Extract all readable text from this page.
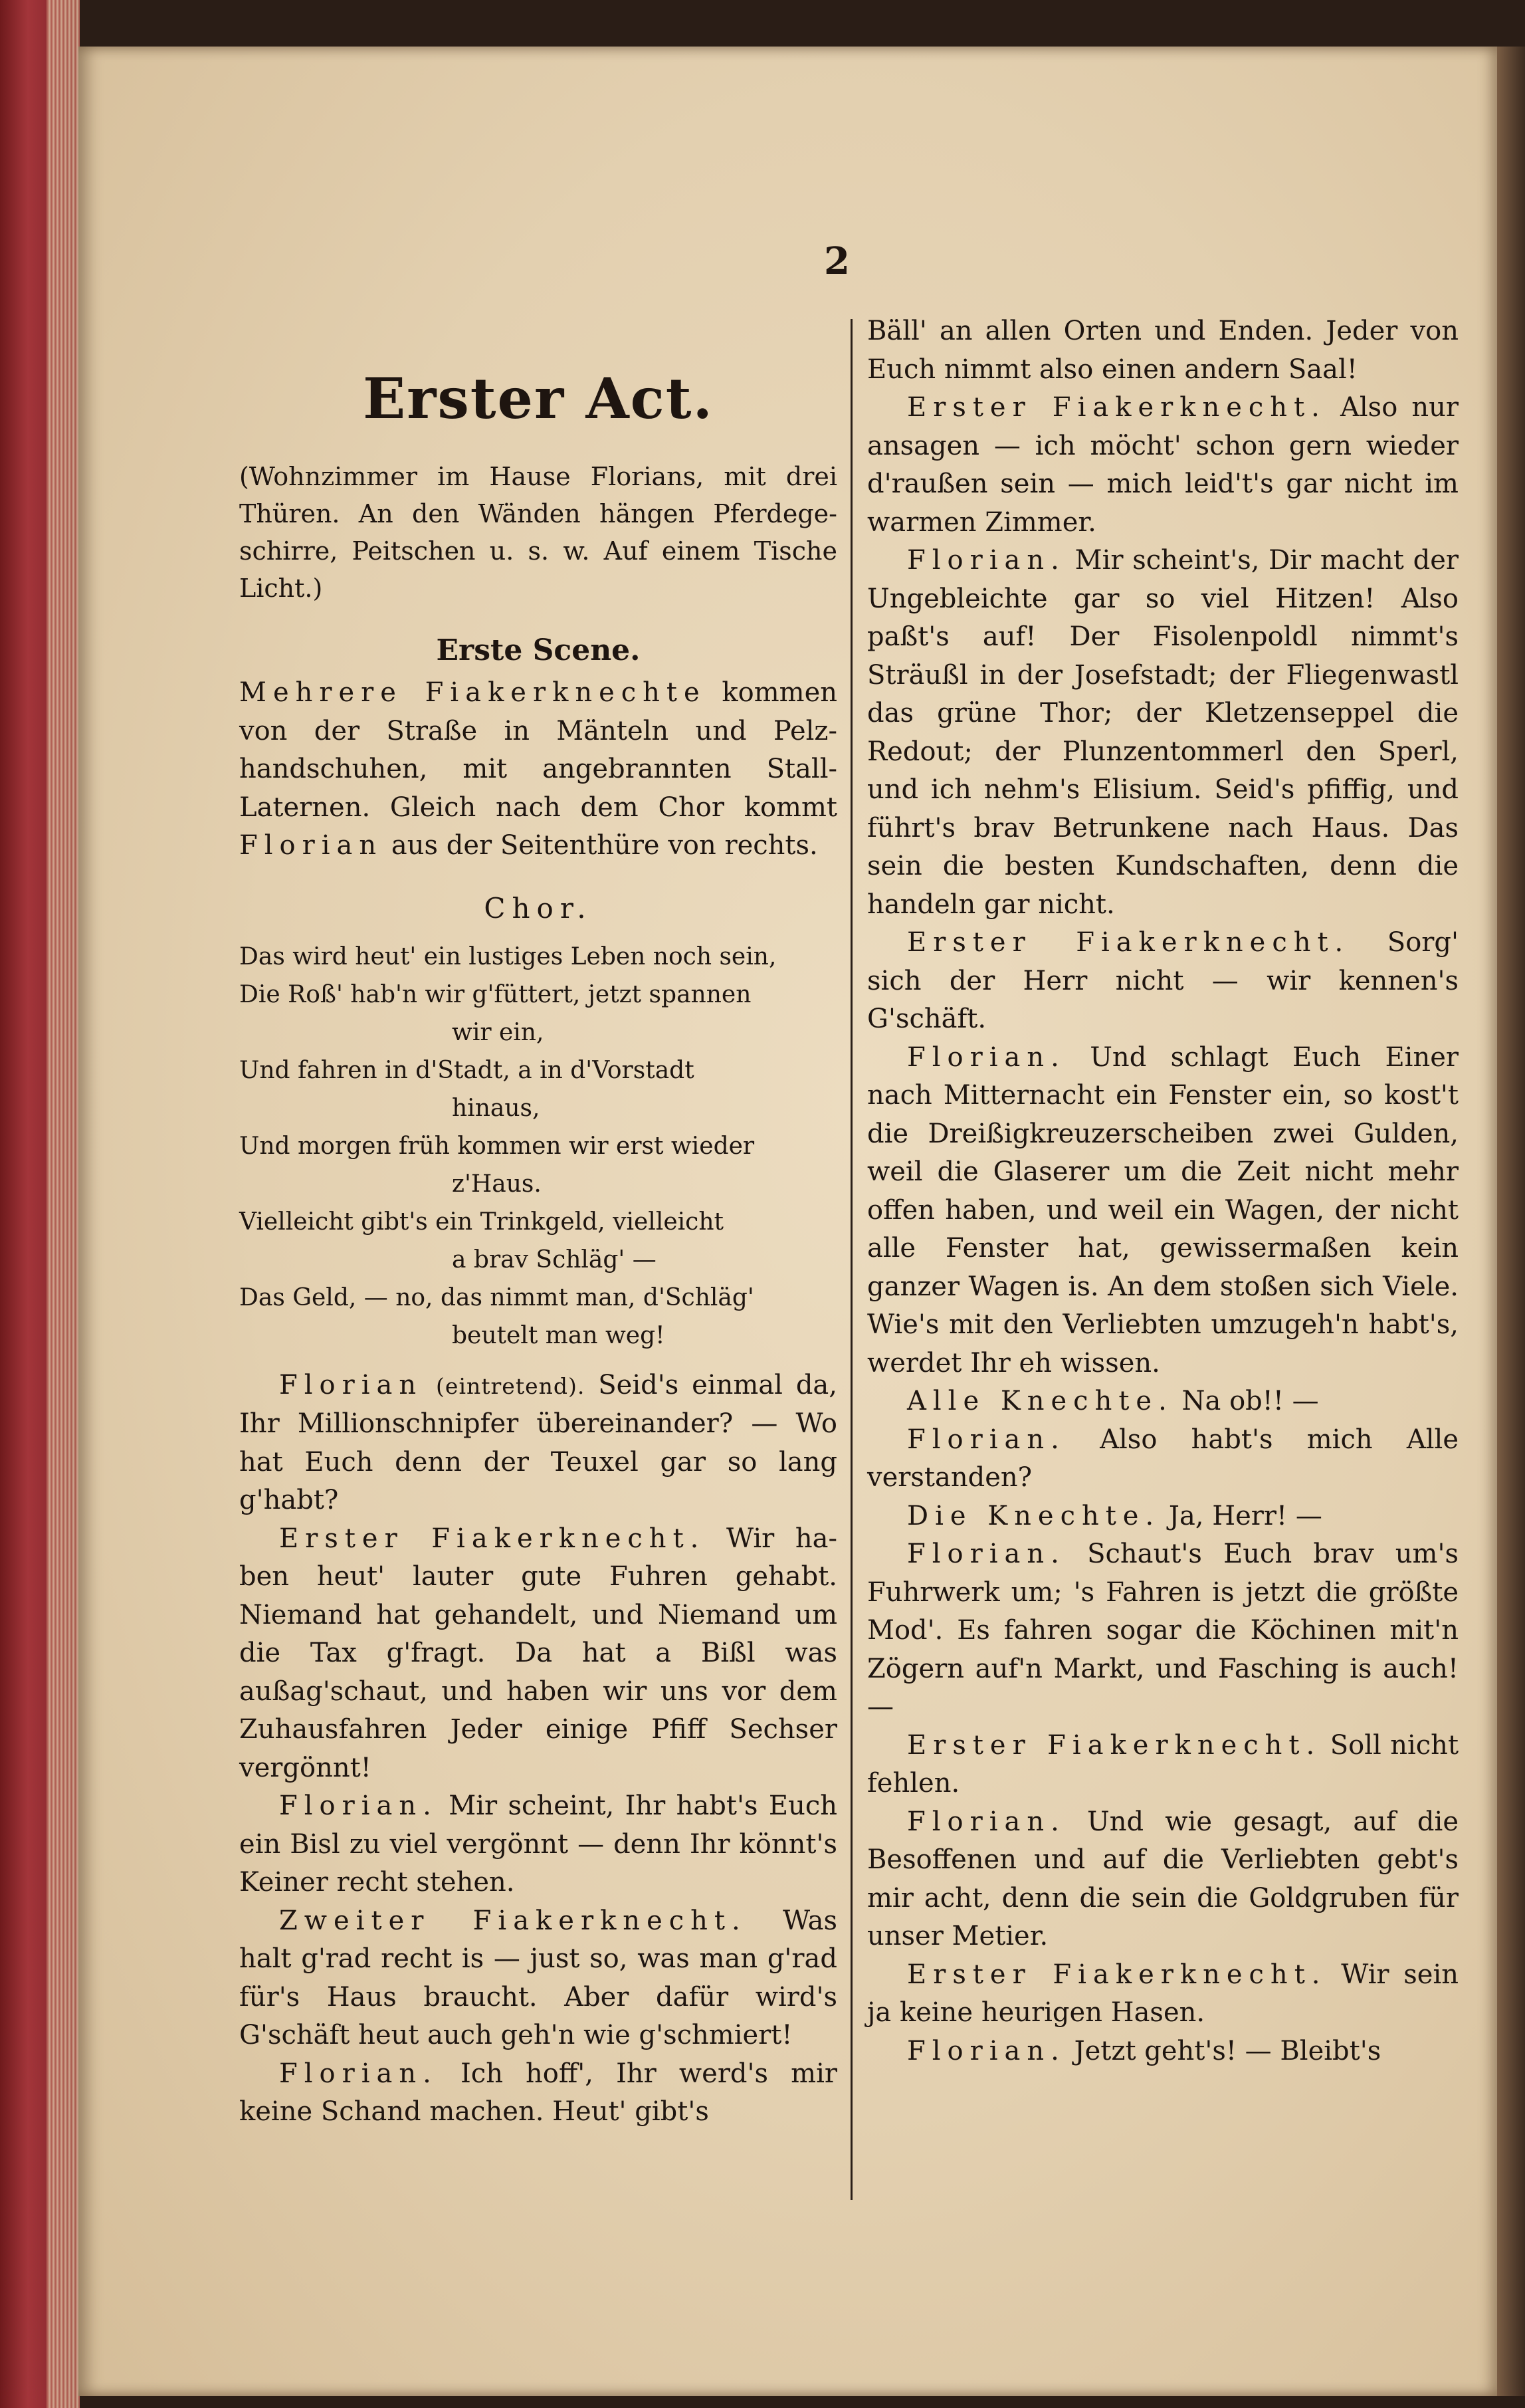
2
Erster Act.

(Wohnzimmer im Hause Florians, mit drei Thüren. An den Wänden hängen Pferdegeschirre, Peitschen u. s. w. Auf einem Tische Licht.)

Erste Scene.

Mehrere Fiakerknechte kommen von der Straße in Mänteln und Pelzhandschuhen, mit angebrannten Stall-Laternen. Gleich nach dem Chor kommt Florian aus der Seitenthüre von rechts.

Chor.

Das wird heut' ein lustiges Leben noch sein,

Die Roß' hab'n wir g'füttert, jetzt spannen
wir ein,

Und fahren in d'Stadt, a in d'Vorstadt
hinaus,

Und morgen früh kommen wir erst wieder
z'Haus.

Vielleicht gibt's ein Trinkgeld, vielleicht
a brav Schläg' —

Das Geld, — no, das nimmt man, d'Schläg'
beutelt man weg!

Florian (eintretend). Seid's einmal da, Ihr Millionschnipfer übereinander? — Wo hat Euch denn der Teuxel gar so lang g'habt?

Erster Fiakerknecht. Wir haben heut' lauter gute Fuhren gehabt. Niemand hat gehandelt, und Niemand um die Tax g'fragt. Da hat a Bißl was außag'schaut, und haben wir uns vor dem Zuhausfahren Jeder einige Pfiff Sechser vergönnt!

Florian. Mir scheint, Ihr habt's Euch ein Bisl zu viel vergönnt — denn Ihr könnt's Keiner recht stehen.

Zweiter Fiakerknecht. Was halt g'rad recht is — just so, was man g'rad für's Haus braucht. Aber dafür wird's G'schäft heut auch geh'n wie g'schmiert!

Florian. Ich hoff', Ihr werd's mir keine Schand machen. Heut' gibt's

Bäll' an allen Orten und Enden. Jeder von Euch nimmt also einen andern Saal!

Erster Fiakerknecht. Also nur ansagen — ich möcht' schon gern wieder d'raußen sein — mich leid't's gar nicht im warmen Zimmer.

Florian. Mir scheint's, Dir macht der Ungebleichte gar so viel Hitzen! Also paßt's auf! Der Fisolenpoldl nimmt's Sträußl in der Josefstadt; der Fliegenwastl das grüne Thor; der Kletzenseppel die Redout; der Plunzentommerl den Sperl, und ich nehm's Elisium. Seid's pfiffig, und führt's brav Betrunkene nach Haus. Das sein die besten Kundschaften, denn die handeln gar nicht.

Erster Fiakerknecht. Sorg' sich der Herr nicht — wir kennen's G'schäft.

Florian. Und schlagt Euch Einer nach Mitternacht ein Fenster ein, so kost't die Dreißigkreuzerscheiben zwei Gulden, weil die Glaserer um die Zeit nicht mehr offen haben, und weil ein Wagen, der nicht alle Fenster hat, gewissermaßen kein ganzer Wagen is. An dem stoßen sich Viele. Wie's mit den Verliebten umzugeh'n habt's, werdet Ihr eh wissen.

Alle Knechte. Na ob!! —

Florian. Also habt's mich Alle verstanden?

Die Knechte. Ja, Herr! —

Florian. Schaut's Euch brav um's Fuhrwerk um; 's Fahren is jetzt die größte Mod'. Es fahren sogar die Köchinen mit'n Zögern auf'n Markt, und Fasching is auch! —

Erster Fiakerknecht. Soll nicht fehlen.

Florian. Und wie gesagt, auf die Besoffenen und auf die Verliebten gebt's mir acht, denn die sein die Goldgruben für unser Metier.

Erster Fiakerknecht. Wir sein ja keine heurigen Hasen.

Florian. Jetzt geht's! — Bleibt's
